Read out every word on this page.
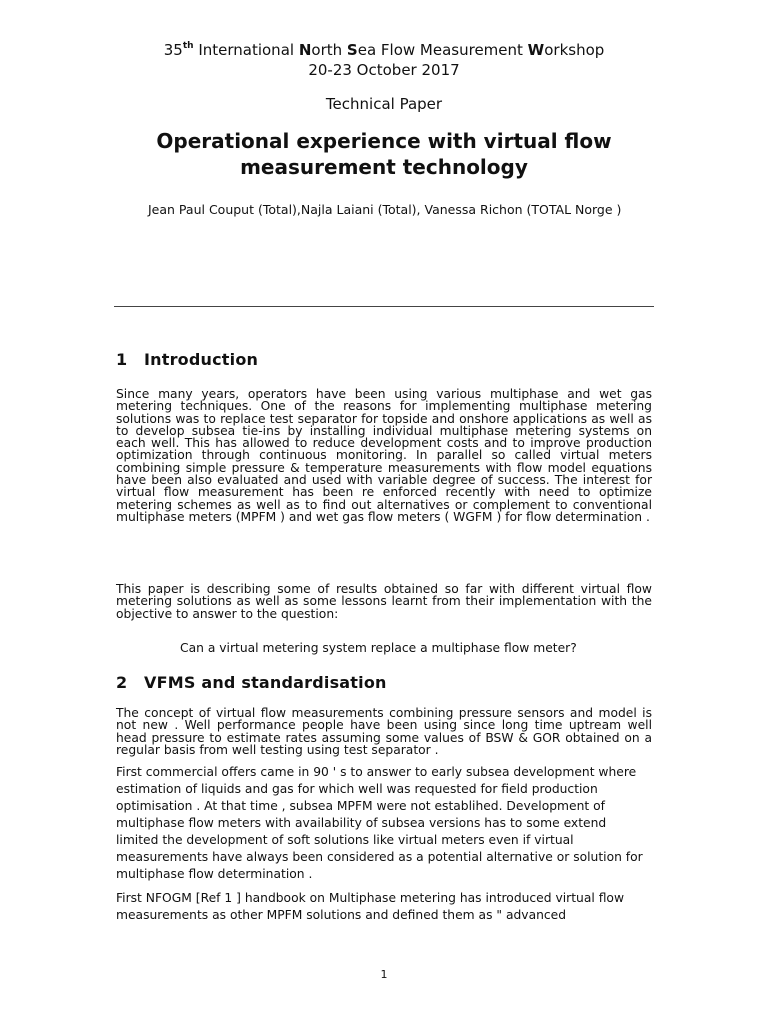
35th International North Sea Flow Measurement Workshop
20-23 October 2017
Technical Paper
Operational experience with virtual flow
measurement technology
Jean Paul Couput (Total),Najla Laiani (Total), Vanessa Richon (TOTAL Norge )
1 Introduction

Since many years, operators have been using various multiphase and wet gas metering techniques. One of the reasons for implementing multiphase metering solutions was to replace test separator for topside and onshore applications as well as to develop subsea tie-ins by installing individual multiphase metering systems on each well. This has allowed to reduce development costs and to improve production optimization through continuous monitoring. In parallel so called virtual meters combining simple pressure & temperature measurements with flow model equations have been also evaluated and used with variable degree of success. The interest for virtual flow measurement has been re enforced recently with need to optimize metering schemes as well as to find out alternatives or complement to conventional multiphase meters (MPFM ) and wet gas flow meters ( WGFM ) for flow determination .

This paper is describing some of results obtained so far with different virtual flow metering solutions as well as some lessons learnt from their implementation with the objective to answer to the question:

Can a virtual metering system replace a multiphase flow meter?
2 VFMS and standardisation

The concept of virtual flow measurements combining pressure sensors and model is not new . Well performance people have been using since long time uptream well head pressure to estimate rates assuming some values of BSW & GOR obtained on a regular basis from well testing using test separator .

First commercial offers came in 90 ' s to answer to early subsea development where estimation of liquids and gas for which well was requested for field production optimisation . At that time , subsea MPFM were not establihed. Development of multiphase flow meters with availability of subsea versions has to some extend limited the development of soft solutions like virtual meters even if virtual measurements have always been considered as a potential alternative or solution for multiphase flow determination .

First NFOGM [Ref 1 ] handbook on Multiphase metering has introduced virtual flow measurements as other MPFM solutions and defined them as " advanced

1
